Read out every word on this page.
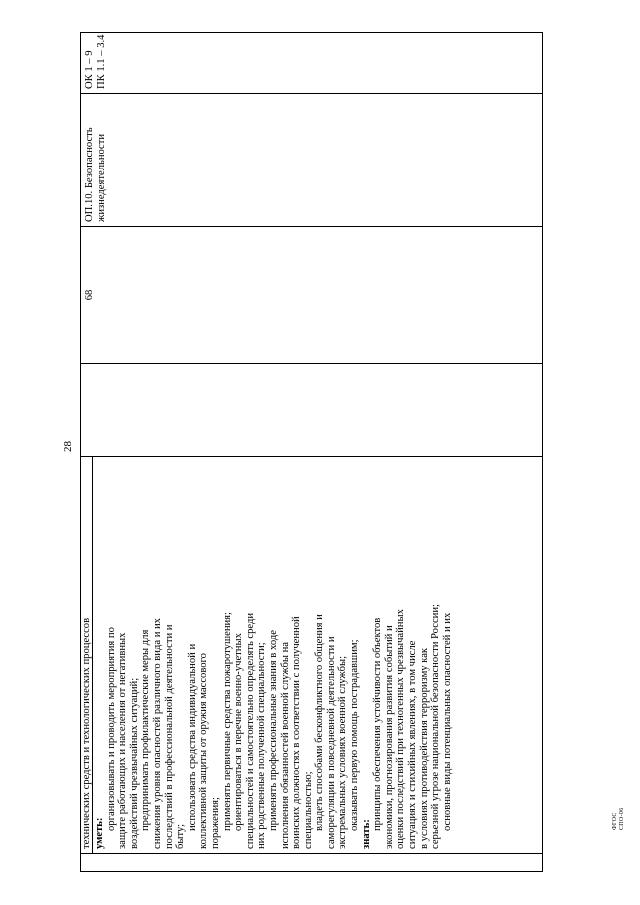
28
технических средств и технологических процессов уметь:
организовывать и проводить мероприятия по защите работающих и населения от негативных воздействий чрезвычайных ситуаций; предпринимать профилактические меры для снижения уровня опасностей различного вида и их последствий в профессиональной деятельности и быту;
использовать средства индивидуальной и коллективной защиты от оружия массового поражения; применять первичные средства пожаротушения; ориентироваться в перечне военно-учетных специальностей и самостоятельно определять среди них родственные полученной специальности; применять профессиональные знания в ходе исполнения обязанностей военной службы на воинских должностях в соответствии с полученной специальностью; владеть способами бесконфликтного общения и саморегуляции в повседневной деятельности и экстремальных условиях военной службы; оказывать первую помощь пострадавшим;
знать:
принципы обеспечения устойчивости объектов экономики, прогнозирования развития событий и оценки последствий при техногенных чрезвычайных ситуациях и стихийных явлениях, в том числе в условиях противодействия терроризму как серьезной угрозе национальной безопасности России; основные виды потенциальных опасностей и их
68
ОП.10. Безопасность жизнедеятельности
ОК 1 – 9 ПК 1.1 – 3.4
ФГОС СПО-06
